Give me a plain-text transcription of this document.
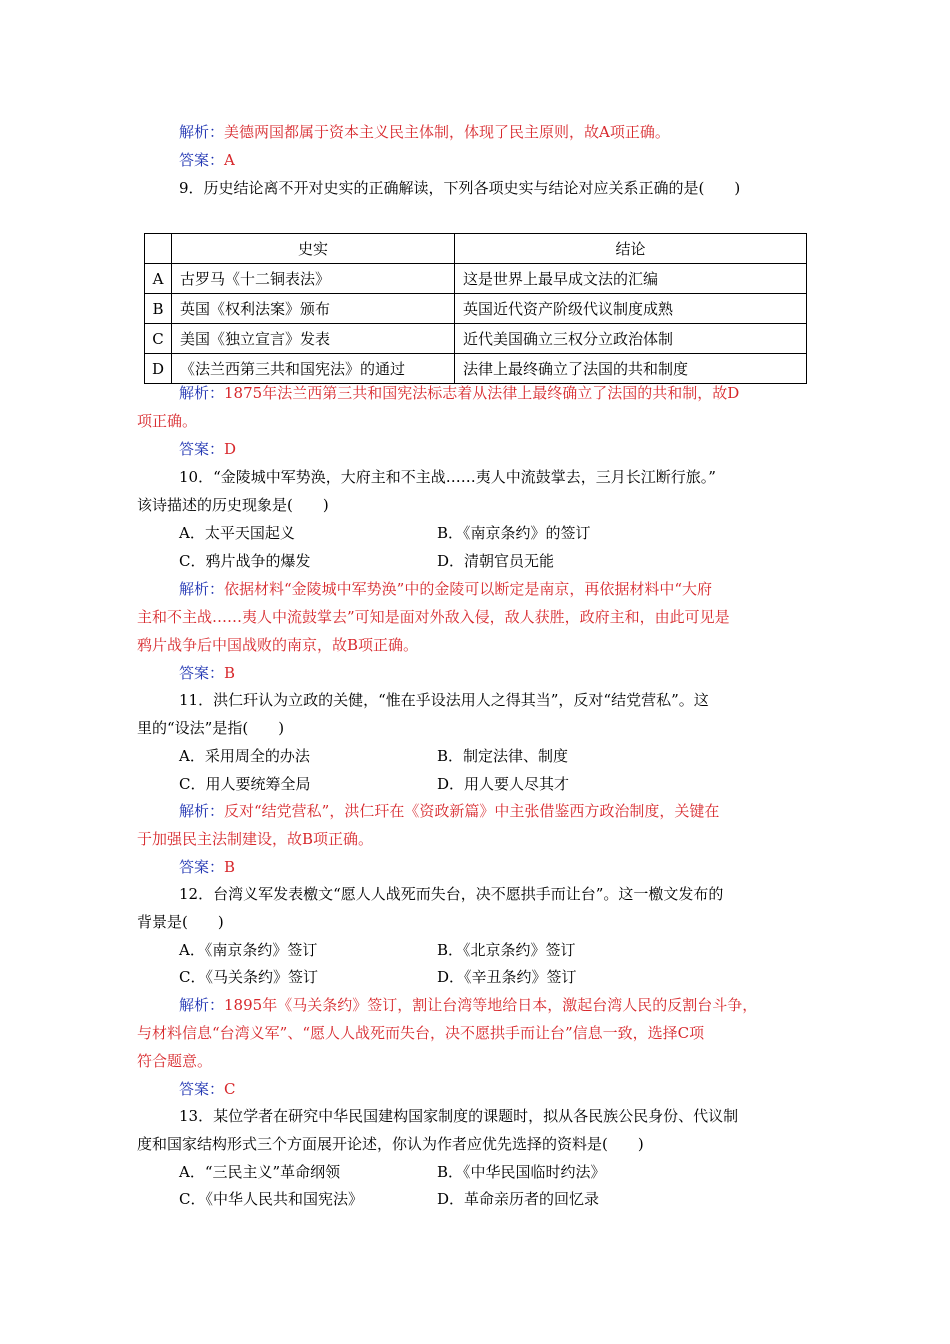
解析：美德两国都属于资本主义民主体制，体现了民主原则，故A项正确。
答案：A
9．历史结论离不开对史实的正确解读，下列各项史实与结论对应关系正确的是(　　)
	史实	结论
A	古罗马《十二铜表法》	这是世界上最早成文法的汇编
B	英国《权利法案》颁布	英国近代资产阶级代议制度成熟
C	美国《独立宣言》发表	近代美国确立三权分立政治体制
D	《法兰西第三共和国宪法》的通过	法律上最终确立了法国的共和制度
解析：1875年法兰西第三共和国宪法标志着从法律上最终确立了法国的共和制，故D
项正确。
答案：D
10．“金陵城中军势涣，大府主和不主战……夷人中流鼓掌去，三月长江断行旅。”
该诗描述的历史现象是(　　)
A．太平天国起义	B．《南京条约》的签订
C．鸦片战争的爆发	D．清朝官员无能
解析：依据材料“金陵城中军势涣”中的金陵可以断定是南京，再依据材料中“大府
主和不主战……夷人中流鼓掌去”可知是面对外敌入侵，敌人获胜，政府主和，由此可见是
鸦片战争后中国战败的南京，故B项正确。
答案：B
11．洪仁玕认为立政的关健，“惟在乎设法用人之得其当”，反对“结党营私”。这
里的“设法”是指(　　)
A．采用周全的办法	B．制定法律、制度
C．用人要统筹全局	D．用人要人尽其才
解析：反对“结党营私”，洪仁玕在《资政新篇》中主张借鉴西方政治制度，关键在
于加强民主法制建设，故B项正确。
答案：B
12．台湾义军发表檄文“愿人人战死而失台，决不愿拱手而让台”。这一檄文发布的
背景是(　　)
A．《南京条约》签订	B．《北京条约》签订
C．《马关条约》签订	D．《辛丑条约》签订
解析：1895年《马关条约》签订，割让台湾等地给日本，激起台湾人民的反割台斗争，
与材料信息“台湾义军”、“愿人人战死而失台，决不愿拱手而让台”信息一致，选择C项
符合题意。
答案：C
13．某位学者在研究中华民国建构国家制度的课题时，拟从各民族公民身份、代议制
度和国家结构形式三个方面展开论述，你认为作者应优先选择的资料是(　　)
A．“三民主义”革命纲领	B．《中华民国临时约法》
C．《中华人民共和国宪法》	D．革命亲历者的回忆录
